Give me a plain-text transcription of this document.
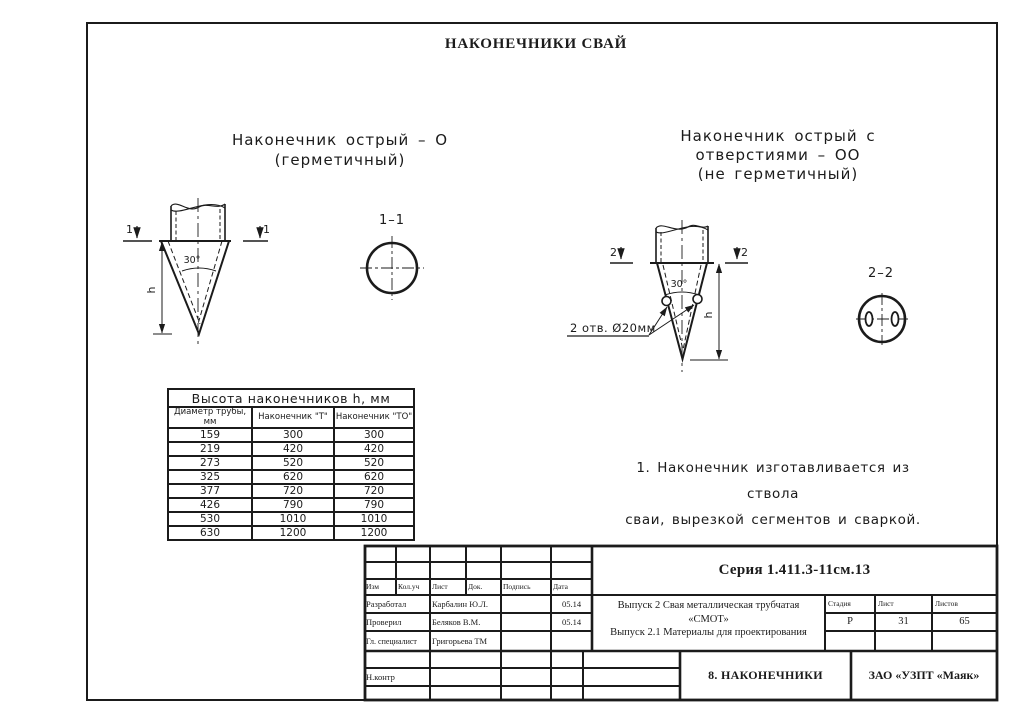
НАКОНЕЧНИКИ СВАЙ
Наконечник острый – О
(герметичный)
Наконечник острый с
отверстиями – ОО
(не герметичный)
1. Наконечник изготавливается из ствола
сваи, вырезкой сегментов и сваркой.
1	1
30°
h
1–1
2	2
30°
h
2 отв. Ø20мм
2–2
Высота наконечников h, мм		
Диаметр трубы, мм	Наконечник "Т"	Наконечник "ТО"
159	300	300
219	420	420
273	520	520
325	620	620
377	720	720
426	790	790
530	1010	1010
630	1200	1200
Изм	Кол.уч	Лист	Док.	Подпись	Дата
Разработал	Карбалин Ю.Л.	05.14
Проверил	Беляков В.М.	05.14
Гл. специалист	Григорьева ТМ
Н.контр
Серия 1.411.3-11см.13
Выпуск 2 Свая металлическая трубчатая
«СМОТ»
Выпуск 2.1 Материалы для проектирования
Стадия	Лист	Листов
Р	31	65
8. НАКОНЕЧНИКИ	ЗАО «УЗПТ «Маяк»
